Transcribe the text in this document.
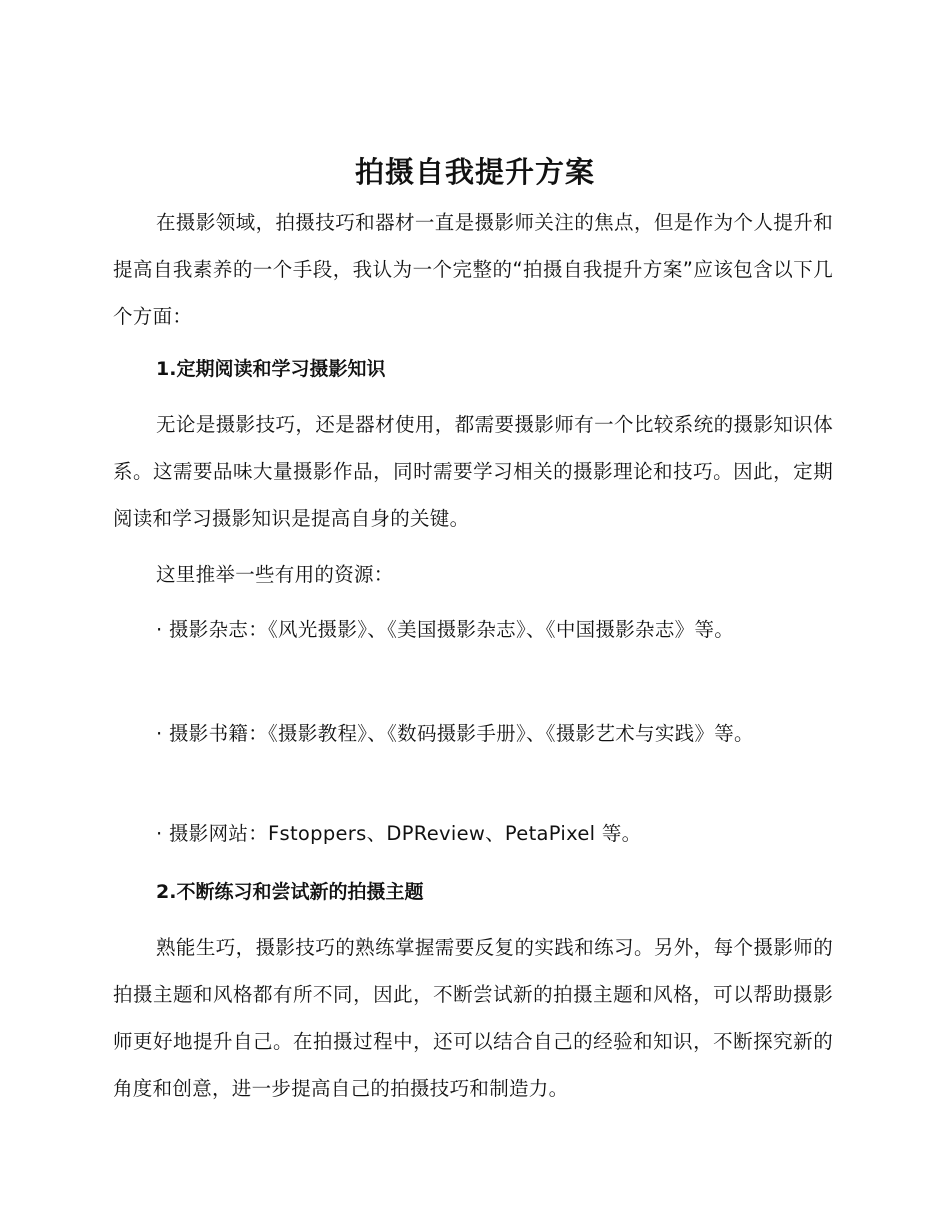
拍摄自我提升方案

在摄影领域，拍摄技巧和器材一直是摄影师关注的焦点，但是作为个人提升和提高自我素养的一个手段，我认为一个完整的“拍摄自我提升方案”应该包含以下几个方面：

1.定期阅读和学习摄影知识

无论是摄影技巧，还是器材使用，都需要摄影师有一个比较系统的摄影知识体系。这需要品味大量摄影作品，同时需要学习相关的摄影理论和技巧。因此，定期阅读和学习摄影知识是提高自身的关键。

这里推举一些有用的资源：

· 摄影杂志：《风光摄影》、《美国摄影杂志》、《中国摄影杂志》等。

· 摄影书籍：《摄影教程》、《数码摄影手册》、《摄影艺术与实践》等。

· 摄影网站：Fstoppers、DPReview、PetaPixel 等。

2.不断练习和尝试新的拍摄主题

熟能生巧，摄影技巧的熟练掌握需要反复的实践和练习。另外，每个摄影师的拍摄主题和风格都有所不同，因此，不断尝试新的拍摄主题和风格，可以帮助摄影师更好地提升自己。在拍摄过程中，还可以结合自己的经验和知识，不断探究新的角度和创意，进一步提高自己的拍摄技巧和制造力。
